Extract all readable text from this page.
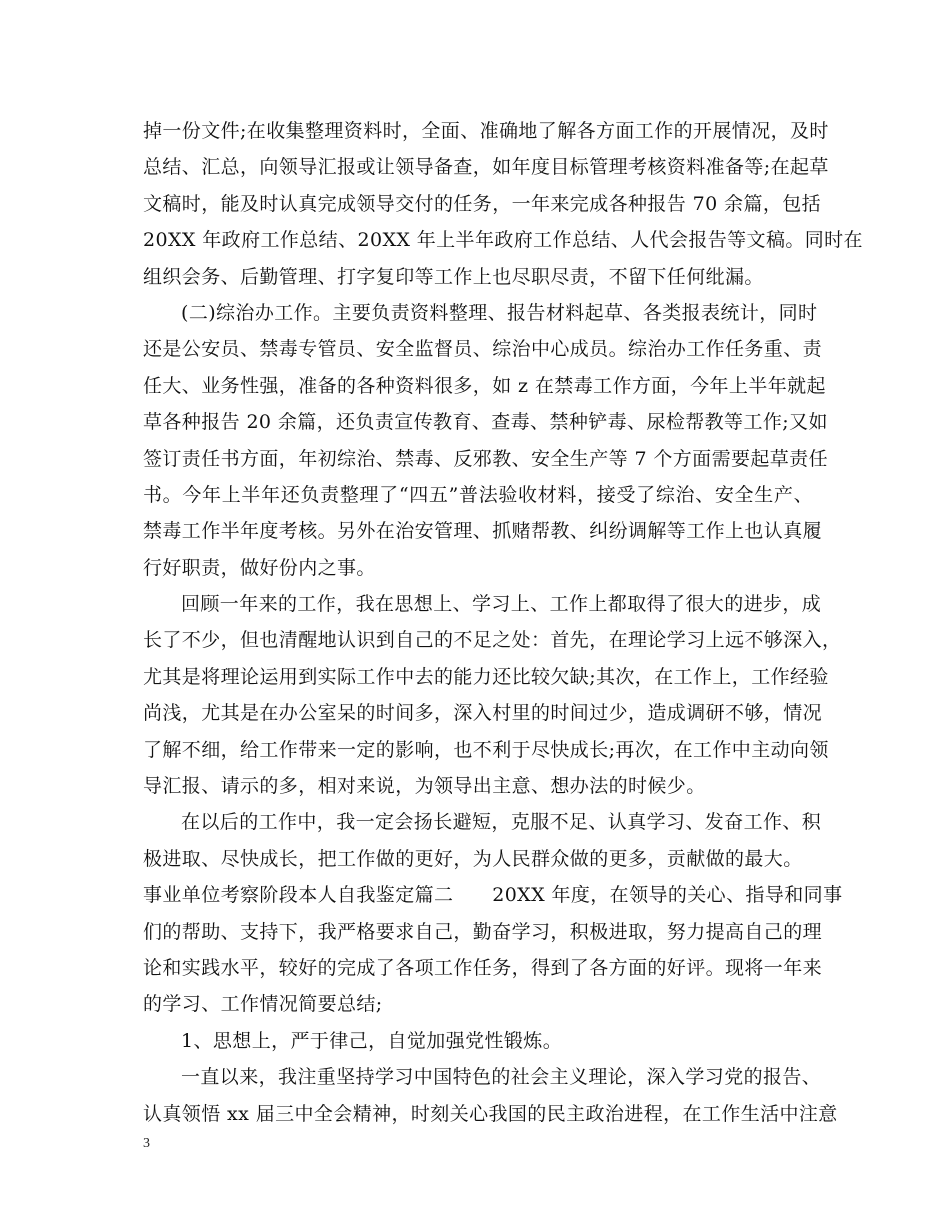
掉一份文件;在收集整理资料时，全面、准确地了解各方面工作的开展情况，及时
总结、汇总，向领导汇报或让领导备查，如年度目标管理考核资料准备等;在起草
文稿时，能及时认真完成领导交付的任务，一年来完成各种报告 70 余篇，包括
20XX 年政府工作总结、20XX 年上半年政府工作总结、人代会报告等文稿。同时在
组织会务、后勤管理、打字复印等工作上也尽职尽责，不留下任何纰漏。
(二)综治办工作。主要负责资料整理、报告材料起草、各类报表统计，同时
还是公安员、禁毒专管员、安全监督员、综治中心成员。综治办工作任务重、责
任大、业务性强，准备的各种资料很多，如 z 在禁毒工作方面，今年上半年就起
草各种报告 20 余篇，还负责宣传教育、查毒、禁种铲毒、尿检帮教等工作;又如
签订责任书方面，年初综治、禁毒、反邪教、安全生产等 7 个方面需要起草责任
书。今年上半年还负责整理了“四五”普法验收材料，接受了综治、安全生产、
禁毒工作半年度考核。另外在治安管理、抓赌帮教、纠纷调解等工作上也认真履
行好职责，做好份内之事。
回顾一年来的工作，我在思想上、学习上、工作上都取得了很大的进步，成
长了不少，但也清醒地认识到自己的不足之处：首先，在理论学习上远不够深入，
尤其是将理论运用到实际工作中去的能力还比较欠缺;其次，在工作上，工作经验
尚浅，尤其是在办公室呆的时间多，深入村里的时间过少，造成调研不够，情况
了解不细，给工作带来一定的影响，也不利于尽快成长;再次，在工作中主动向领
导汇报、请示的多，相对来说，为领导出主意、想办法的时候少。
在以后的工作中，我一定会扬长避短，克服不足、认真学习、发奋工作、积
极进取、尽快成长，把工作做的更好，为人民群众做的更多，贡献做的最大。
事业单位考察阶段本人自我鉴定篇二　　20XX 年度，在领导的关心、指导和同事
们的帮助、支持下，我严格要求自己，勤奋学习，积极进取，努力提高自己的理
论和实践水平，较好的完成了各项工作任务，得到了各方面的好评。现将一年来
的学习、工作情况简要总结;
1、思想上，严于律己，自觉加强党性锻炼。
一直以来，我注重坚持学习中国特色的社会主义理论，深入学习党的报告、
认真领悟 xx 届三中全会精神，时刻关心我国的民主政治进程，在工作生活中注意
3
